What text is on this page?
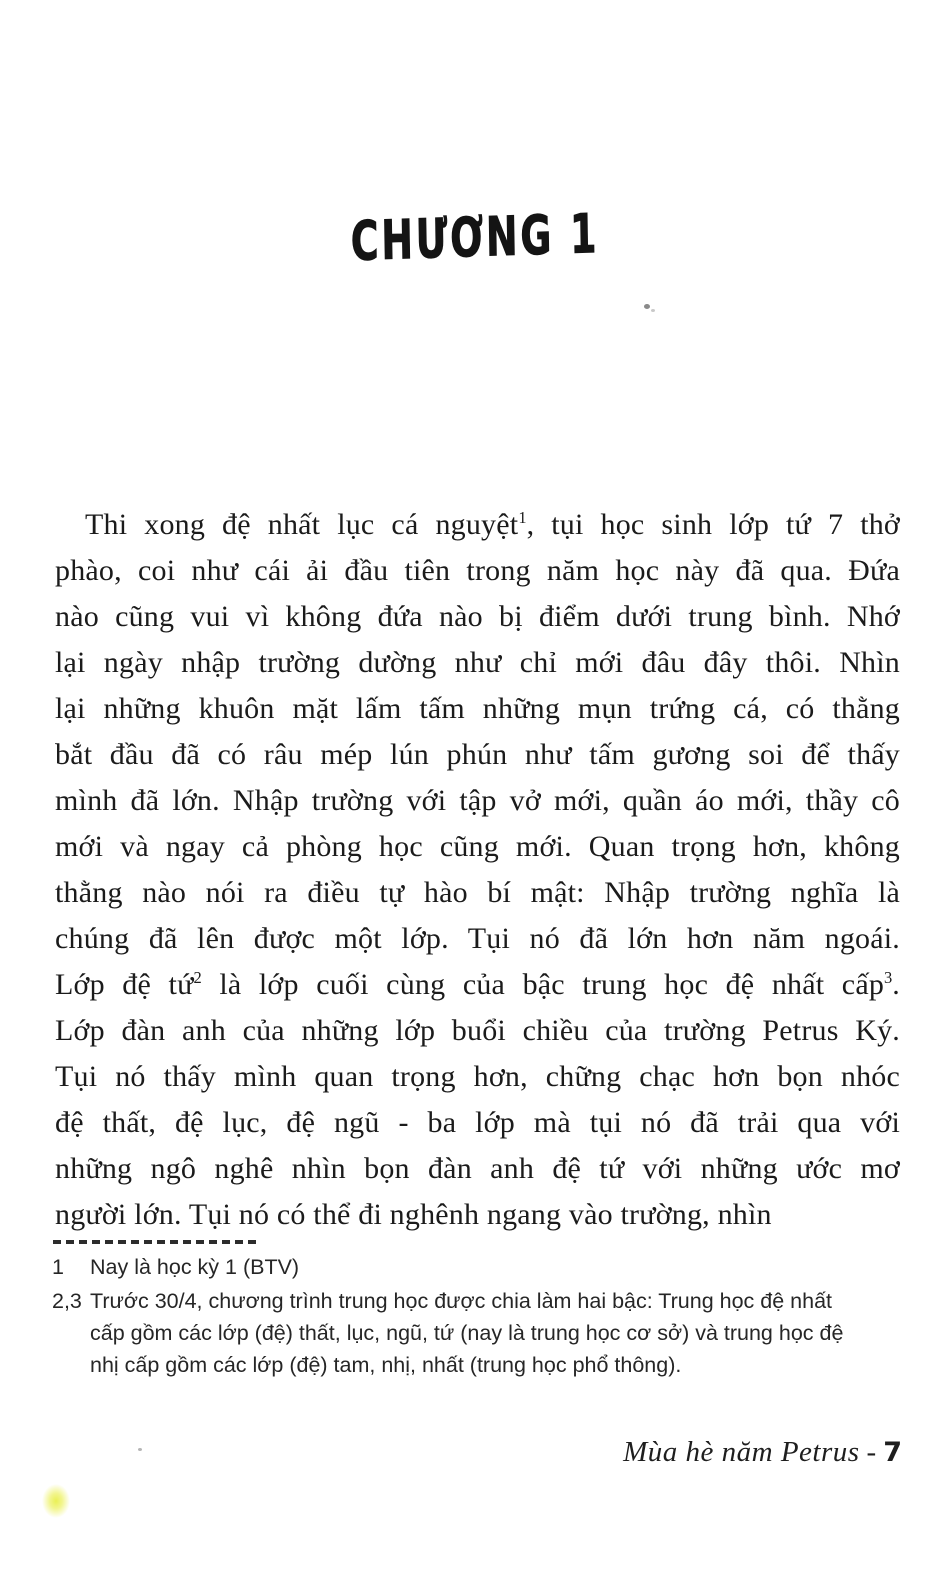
CHƯƠNG 1
Thi xong đệ nhất lục cá nguyệt$^1$, tụi học sinh lớp tứ 7 thở
phào, coi như cái ải đầu tiên trong năm học này đã qua. Đứa
nào cũng vui vì không đứa nào bị điểm dưới trung bình. Nhớ
lại ngày nhập trường dường như chỉ mới đâu đây thôi. Nhìn
lại những khuôn mặt lấm tấm những mụn trứng cá, có thằng
bắt đầu đã có râu mép lún phún như tấm gương soi để thấy
mình đã lớn. Nhập trường với tập vở mới, quần áo mới, thầy cô
mới và ngay cả phòng học cũng mới. Quan trọng hơn, không
thằng nào nói ra điều tự hào bí mật: Nhập trường nghĩa là
chúng đã lên được một lớp. Tụi nó đã lớn hơn năm ngoái.
Lớp đệ tứ$^2$ là lớp cuối cùng của bậc trung học đệ nhất cấp$^3$.
Lớp đàn anh của những lớp buổi chiều của trường Petrus Ký.
Tụi nó thấy mình quan trọng hơn, chững chạc hơn bọn nhóc
đệ thất, đệ lục, đệ ngũ - ba lớp mà tụi nó đã trải qua với
những ngô nghê nhìn bọn đàn anh đệ tứ với những ước mơ
người lớn. Tụi nó có thể đi nghênh ngang vào trường, nhìn
1 Nay là học kỳ 1 (BTV)
2,3 Trước 30/4, chương trình trung học được chia làm hai bậc: Trung học đệ nhất
cấp gồm các lớp (đệ) thất, lục, ngũ, tứ (nay là trung học cơ sở) và trung học đệ
nhị cấp gồm các lớp (đệ) tam, nhị, nhất (trung học phổ thông).
Mùa hè năm Petrus - 7
